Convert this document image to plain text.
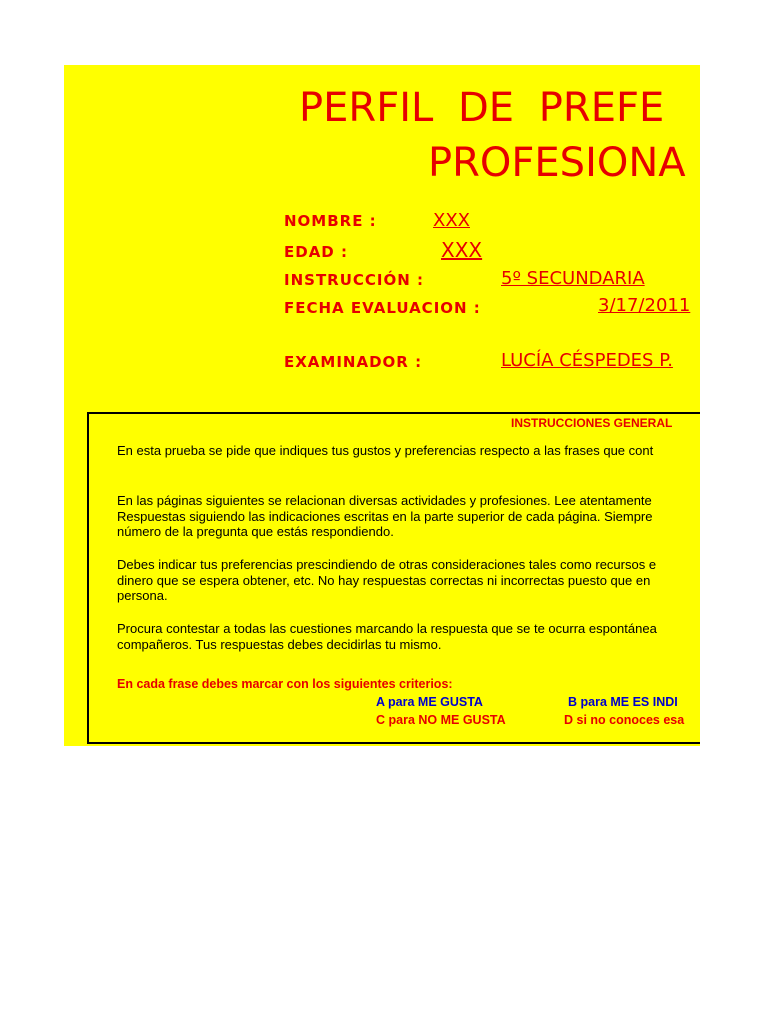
PERFIL DE PREFE
PROFESIONA
NOMBRE :	XXX
EDAD :	XXX
INSTRUCCIÓN :	5º SECUNDARIA
FECHA EVALUACION :	3/17/2011
EXAMINADOR :	LUCÍA CÉSPEDES P.
INSTRUCCIONES GENERAL
En esta prueba se pide que indiques tus gustos y preferencias respecto a las frases que cont
En las páginas siguientes se relacionan diversas actividades y profesiones. Lee atentamente
Respuestas siguiendo las indicaciones escritas en la parte superior de cada página. Siempre
número de la pregunta que estás respondiendo.
Debes indicar tus preferencias prescindiendo de otras consideraciones tales como recursos e
dinero que se espera obtener, etc. No hay respuestas correctas ni incorrectas puesto que en
persona.
Procura contestar a todas las cuestiones marcando la respuesta que se te ocurra espontánea
compañeros. Tus respuestas debes decidirlas tu mismo.
En cada frase debes marcar con los siguientes criterios:
A para ME GUSTA	B para ME ES INDI
C para NO ME GUSTA	D si no conoces esa
